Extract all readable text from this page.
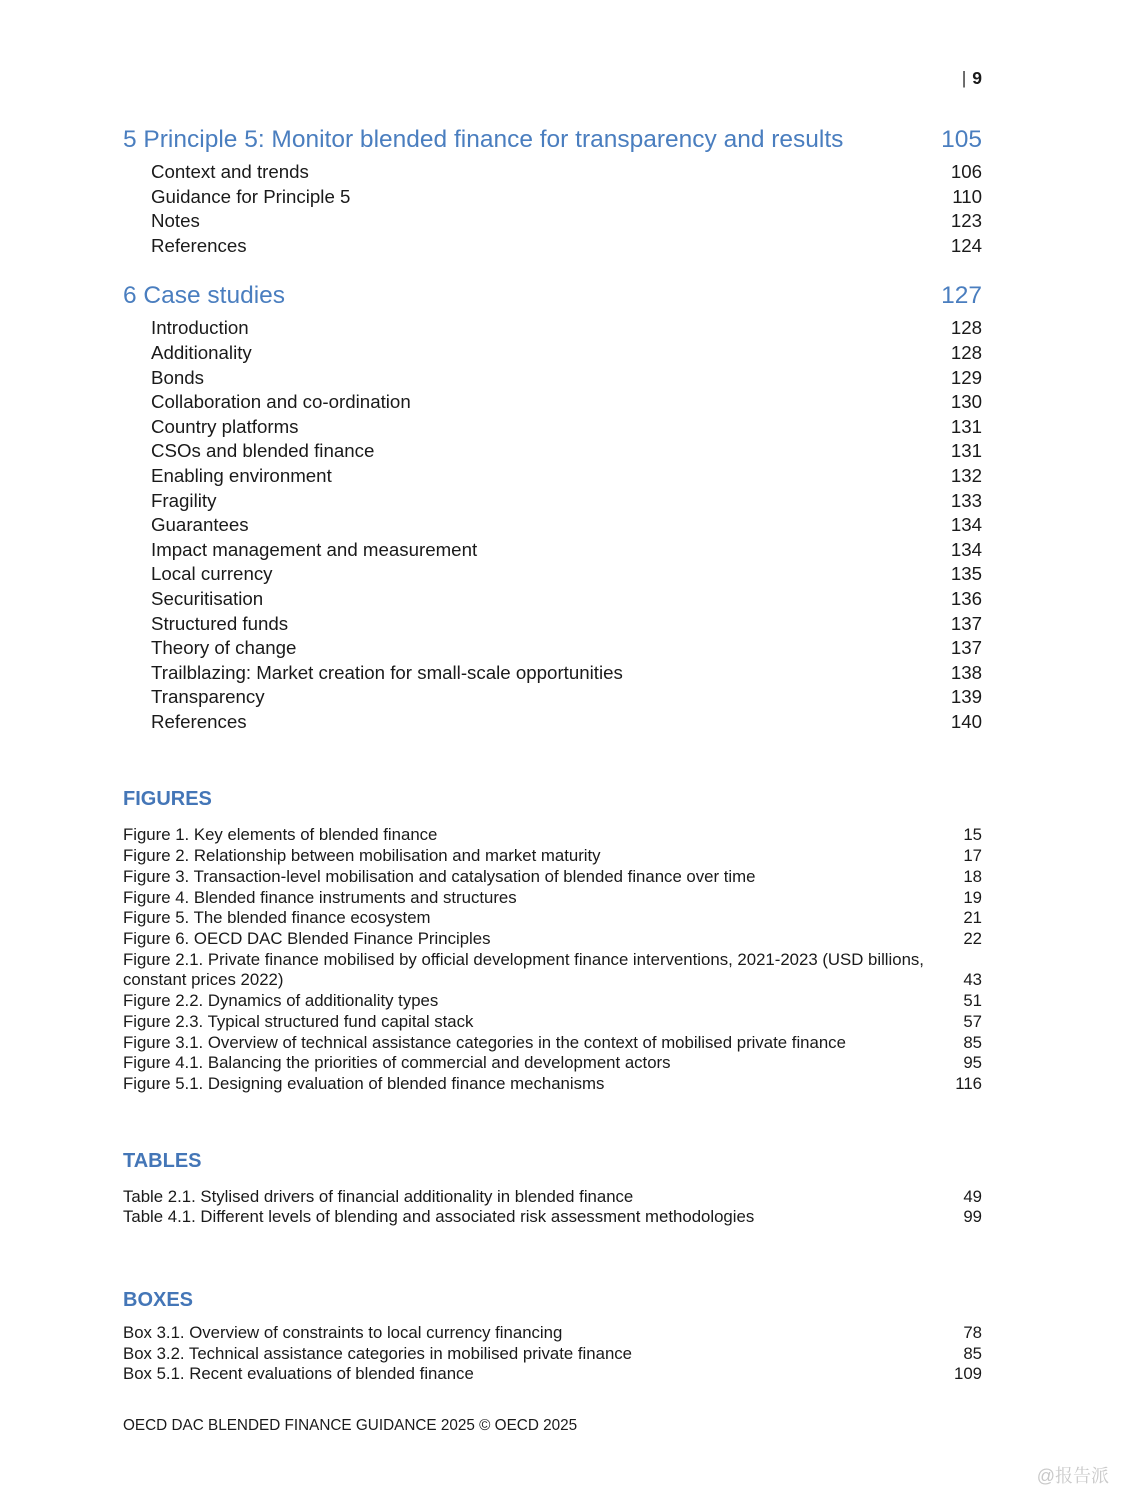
| 9
5 Principle 5: Monitor blended finance for transparency and results	105
Context and trends	106
Guidance for Principle 5	110
Notes	123
References	124
6 Case studies	127
Introduction	128
Additionality	128
Bonds	129
Collaboration and co-ordination	130
Country platforms	131
CSOs and blended finance	131
Enabling environment	132
Fragility	133
Guarantees	134
Impact management and measurement	134
Local currency	135
Securitisation	136
Structured funds	137
Theory of change	137
Trailblazing: Market creation for small-scale opportunities	138
Transparency	139
References	140
FIGURES
Figure 1. Key elements of blended finance	15
Figure 2. Relationship between mobilisation and market maturity	17
Figure 3. Transaction-level mobilisation and catalysation of blended finance over time	18
Figure 4. Blended finance instruments and structures	19
Figure 5. The blended finance ecosystem	21
Figure 6. OECD DAC Blended Finance Principles	22
Figure 2.1. Private finance mobilised by official development finance interventions, 2021-2023 (USD billions, constant prices 2022)	43
Figure 2.2. Dynamics of additionality types	51
Figure 2.3. Typical structured fund capital stack	57
Figure 3.1. Overview of technical assistance categories in the context of mobilised private finance	85
Figure 4.1. Balancing the priorities of commercial and development actors	95
Figure 5.1. Designing evaluation of blended finance mechanisms	116
TABLES
Table 2.1. Stylised drivers of financial additionality in blended finance	49
Table 4.1. Different levels of blending and associated risk assessment methodologies	99
BOXES
Box 3.1. Overview of constraints to local currency financing	78
Box 3.2. Technical assistance categories in mobilised private finance	85
Box 5.1. Recent evaluations of blended finance	109
OECD DAC BLENDED FINANCE GUIDANCE 2025 © OECD 2025
@报告派
